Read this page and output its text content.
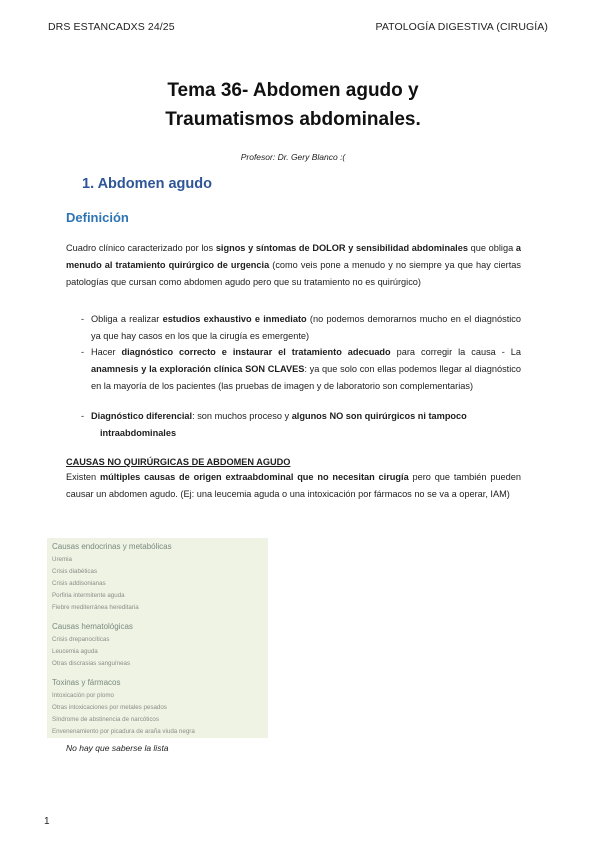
DRS ESTANCADXS 24/25	PATOLOGÍA DIGESTIVA (CIRUGÍA)
Tema 36- Abdomen agudo y
Traumatismos abdominales.
Profesor: Dr. Gery Blanco :(
1. Abdomen agudo
Definición
Cuadro clínico caracterizado por los signos y síntomas de DOLOR y sensibilidad abdominales que obliga a menudo al tratamiento quirúrgico de urgencia (como veis pone a menudo y no siempre ya que hay ciertas patologías que cursan como abdomen agudo pero que su tratamiento no es quirúrgico)
- Obliga a realizar estudios exhaustivo e inmediato (no podemos demorarnos mucho en el diagnóstico ya que hay casos en los que la cirugía es emergente)
- Hacer diagnóstico correcto e instaurar el tratamiento adecuado para corregir la causa - La anamnesis y la exploración clínica SON CLAVES: ya que solo con ellas podemos llegar al diagnóstico en la mayoría de los pacientes (las pruebas de imagen y de laboratorio son complementarias)
- Diagnóstico diferencial: son muchos proceso y algunos NO son quirúrgicos ni tampoco
intraabdominales
CAUSAS NO QUIRÚRGICAS DE ABDOMEN AGUDO
Existen múltiples causas de origen extraabdominal que no necesitan cirugía pero que también pueden causar un abdomen agudo. (Ej: una leucemia aguda o una intoxicación por fármacos no se va a operar, IAM)
Causas endocrinas y metabólicas
Uremia
Crisis diabéticas
Crisis addisonianas
Porfiria intermitente aguda
Fiebre mediterránea hereditaria
Causas hematológicas
Crisis drepanocíticas
Leucemia aguda
Otras discrasias sanguíneas
Toxinas y fármacos
Intoxicación por plomo
Otras intoxicaciones por metales pesados
Síndrome de abstinencia de narcóticos
Envenenamiento por picadura de araña viuda negra
No hay que saberse la lista
1
